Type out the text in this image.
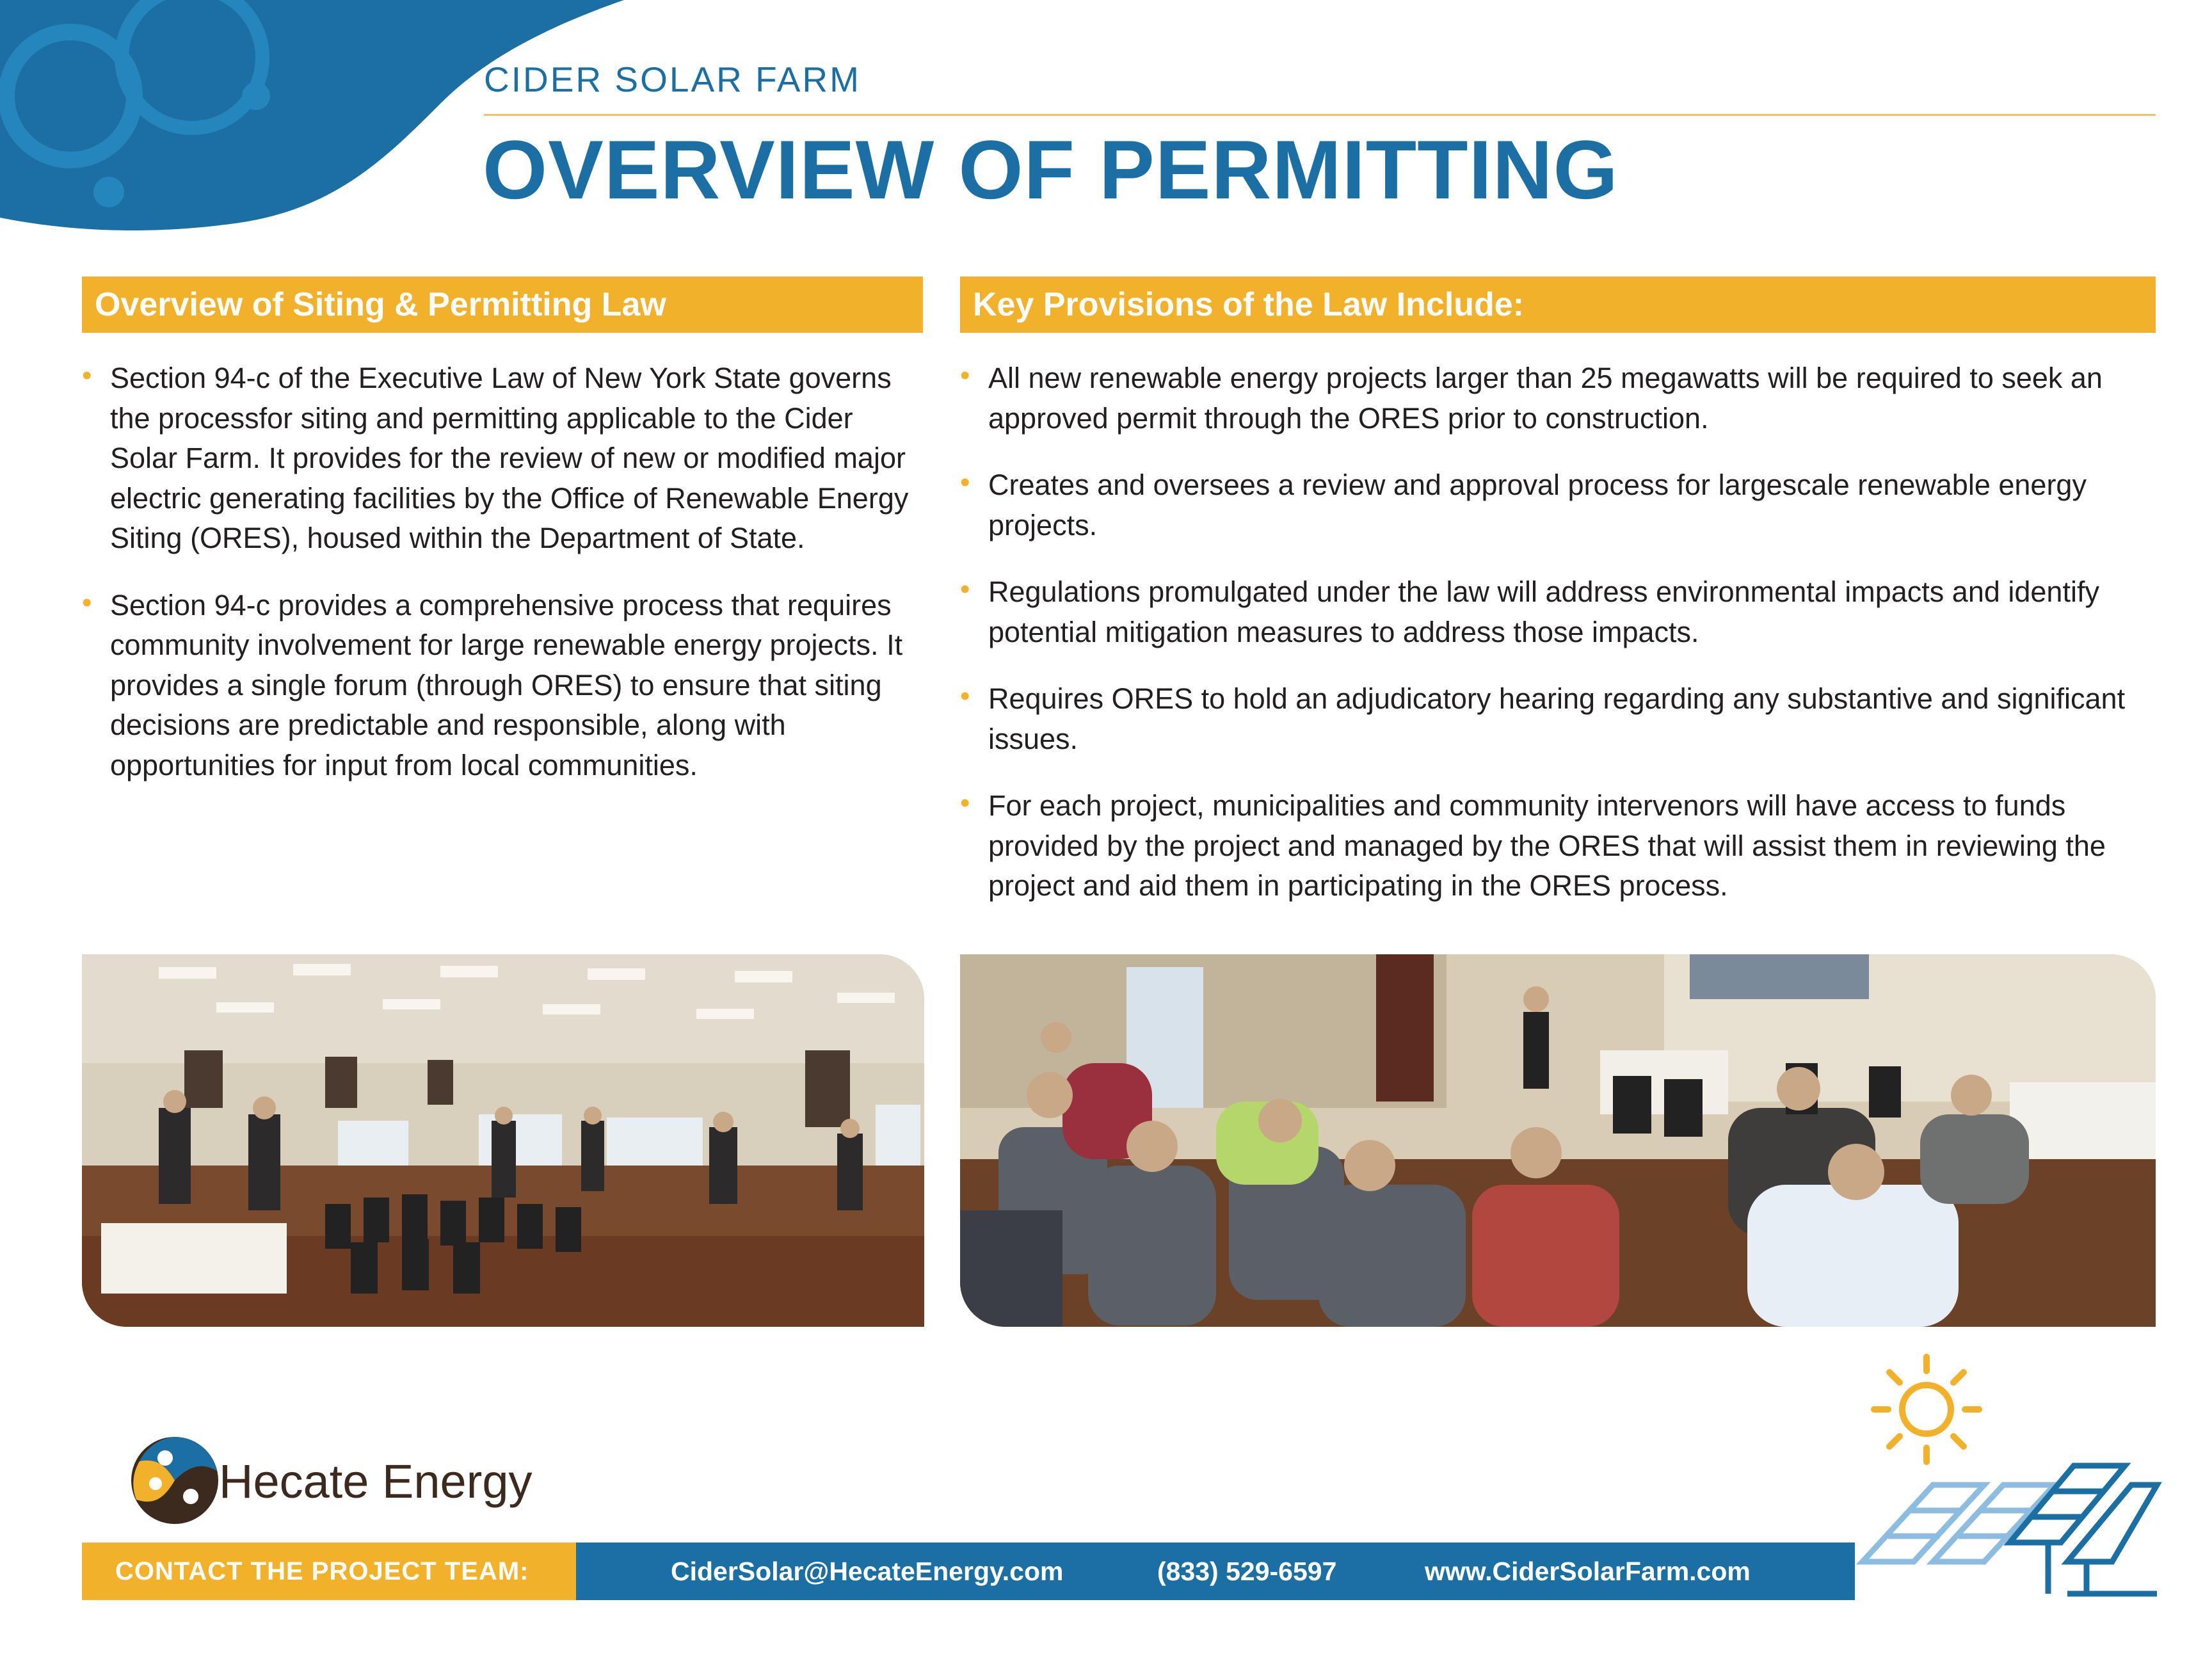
CIDER SOLAR FARM
OVERVIEW OF PERMITTING
Overview of Siting & Permitting Law	Key Provisions of the Law Include:
• Section 94-c of the Executive Law of New York State governs the processfor siting and permitting applicable to the Cider Solar Farm. It provides for the review of new or modified major electric generating facilities by the Office of Renewable Energy Siting (ORES), housed within the Department of State.
• Section 94-c provides a comprehensive process that requires community involvement for large renewable energy projects. It provides a single forum (through ORES) to ensure that siting decisions are predictable and responsible, along with opportunities for input from local communities.
• All new renewable energy projects larger than 25 megawatts will be required to seek an approved permit through the ORES prior to construction.
• Creates and oversees a review and approval process for largescale renewable energy projects.
• Regulations promulgated under the law will address environmental impacts and identify potential mitigation measures to address those impacts.
• Requires ORES to hold an adjudicatory hearing regarding any substantive and significant issues.
• For each project, municipalities and community intervenors will have access to funds provided by the project and managed by the ORES that will assist them in reviewing the project and aid them in participating in the ORES process.
Hecate Energy
CONTACT THE PROJECT TEAM:	CiderSolar@HecateEnergy.com	(833) 529-6597	www.CiderSolarFarm.com
